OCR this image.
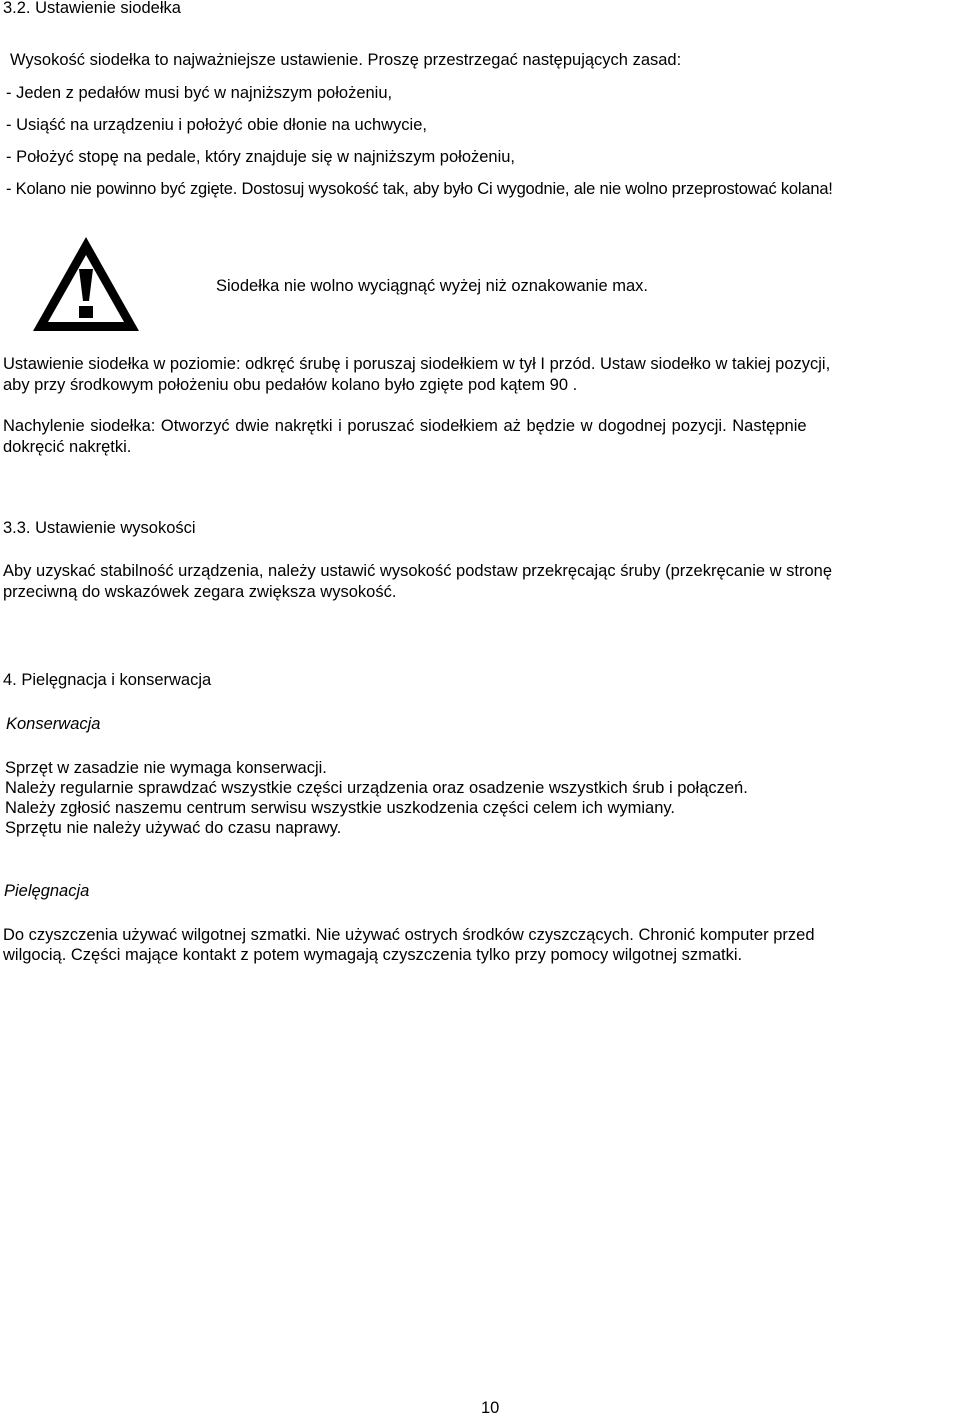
3.2. Ustawienie siodełka
Wysokość siodełka to najważniejsze ustawienie. Proszę przestrzegać następujących zasad:
- Jeden z pedałów musi być w najniższym położeniu,
- Usiąść na urządzeniu i położyć obie dłonie na uchwycie,
- Położyć stopę na pedale, który znajduje się w najniższym położeniu,
- Kolano nie powinno być zgięte. Dostosuj wysokość tak, aby było Ci wygodnie, ale nie wolno przeprostować kolana!
Siodełka nie wolno wyciągnąć wyżej niż oznakowanie max.
Ustawienie siodełka w poziomie: odkręć śrubę i poruszaj siodełkiem w tył I przód. Ustaw siodełko w takiej pozycji,
aby przy środkowym położeniu obu pedałów kolano było zgięte pod kątem 90 .
Nachylenie siodełka: Otworzyć dwie nakrętki i poruszać siodełkiem aż będzie w dogodnej pozycji. Następnie
dokręcić nakrętki.
3.3. Ustawienie wysokości
Aby uzyskać stabilność urządzenia, należy ustawić wysokość podstaw przekręcając śruby (przekręcanie w stronę
przeciwną do wskazówek zegara zwiększa wysokość.
4. Pielęgnacja i konserwacja
Konserwacja
Sprzęt w zasadzie nie wymaga konserwacji.
Należy regularnie sprawdzać wszystkie części urządzenia oraz osadzenie wszystkich śrub i połączeń.
Należy zgłosić naszemu centrum serwisu wszystkie uszkodzenia części celem ich wymiany.
Sprzętu nie należy używać do czasu naprawy.
Pielęgnacja
Do czyszczenia używać wilgotnej szmatki. Nie używać ostrych środków czyszczących. Chronić komputer przed
wilgocią. Części mające kontakt z potem wymagają czyszczenia tylko przy pomocy wilgotnej szmatki.
10
